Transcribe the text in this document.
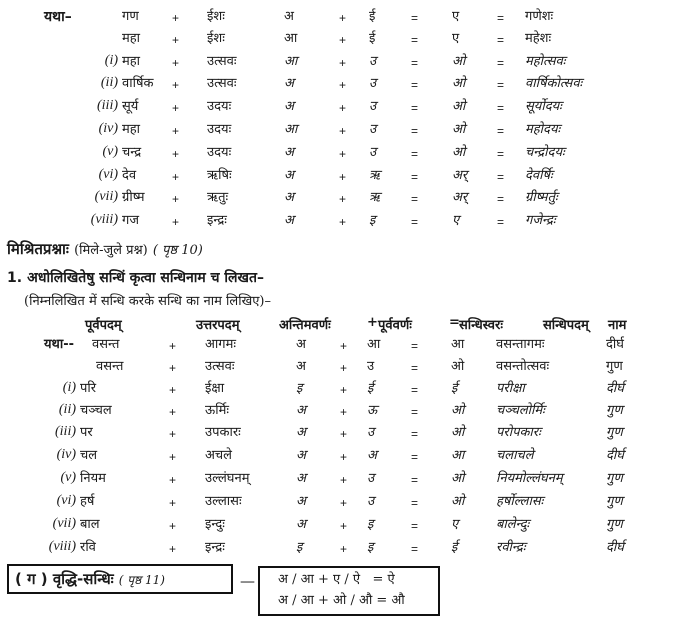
यथा–	गण	+ ईशः	अ	+ ई	=	ए	= गणेशः
महा	+ ईशः	आ	+ ई	=	ए	= महेशः
(i) महा	+ उत्सवः	आ	+ उ	=	ओ	= महोत्सवः
(ii) वार्षिक + उत्सवः	अ	+ उ	=	ओ	= वार्षिकोत्सवः
(iii) सूर्य	+ उदयः	अ	+ उ	=	ओ	= सूर्योदयः
(iv) महा	+ उदयः	आ	+ उ	=	ओ	= महोदयः
(v) चन्द्र	+ उदयः	अ	+ उ	=	ओ	= चन्द्रोदयः
(vi) देव	+ ऋषिः	अ	+ ऋ	=	अर् = देवर्षिः
(vii) ग्रीष्म + ऋतुः	अ	+ ऋ	=	अर् = ग्रीष्मर्तुः
(viii) गज	+ इन्द्रः	अ	+ इ	=	ए	= गजेन्द्रः
मिश्रितप्रश्नाः (मिले-जुले प्रश्न) ( पृष्ठ 10)
1. अधोलिखितेषु सन्धिं कृत्वा सन्धिनाम च लिखत–
(निम्नलिखित में सन्धि करके सन्धि का नाम लिखिए)–
पूर्वपदम्	उत्तरपदम्	अन्तिमवर्णः	+ पूर्ववर्णः	= सन्धिस्वरः	सन्धिपदम् नाम
यथा-- वसन्त	+ आगमः	अ	+ आ	=	आ वसन्तागमः	दीर्घ
वसन्त	+ उत्सवः	अ	+ उ	=	ओ वसन्तोत्सवः	गुण
(i) परि	+ ईक्षा	इ	+ ई	=	ई	परीक्षा	दीर्घ
(ii) चञ्चल	+ ऊर्मिः	अ	+ ऊ	=	ओ चञ्चलोर्मिः	गुण
(iii) पर	+ उपकारः	अ	+ उ	=	ओ परोपकारः	गुण
(iv) चल	+ अचले	अ	+ अ	=	आ चलाचले	दीर्घ
(v) नियम	+ उल्लंघनम्	अ	+ उ	=	ओ नियमोल्लंघनम्	गुण
(vi) हर्ष	+ उल्लासः	अ	+ उ	=	ओ हर्षोल्लासः	गुण
(vii) बाल	+ इन्दुः	अ	+ इ	=	ए	बालेन्दुः	गुण
(viii) रवि	+ इन्द्रः	इ	+ इ	=	ई	रवीन्द्रः	दीर्घ
( ग ) वृद्धि-सन्धिः ( पृष्ठ 11)	— अ / आ + ए / ऐ   = ऐ
अ / आ + ओ / औ = औ
